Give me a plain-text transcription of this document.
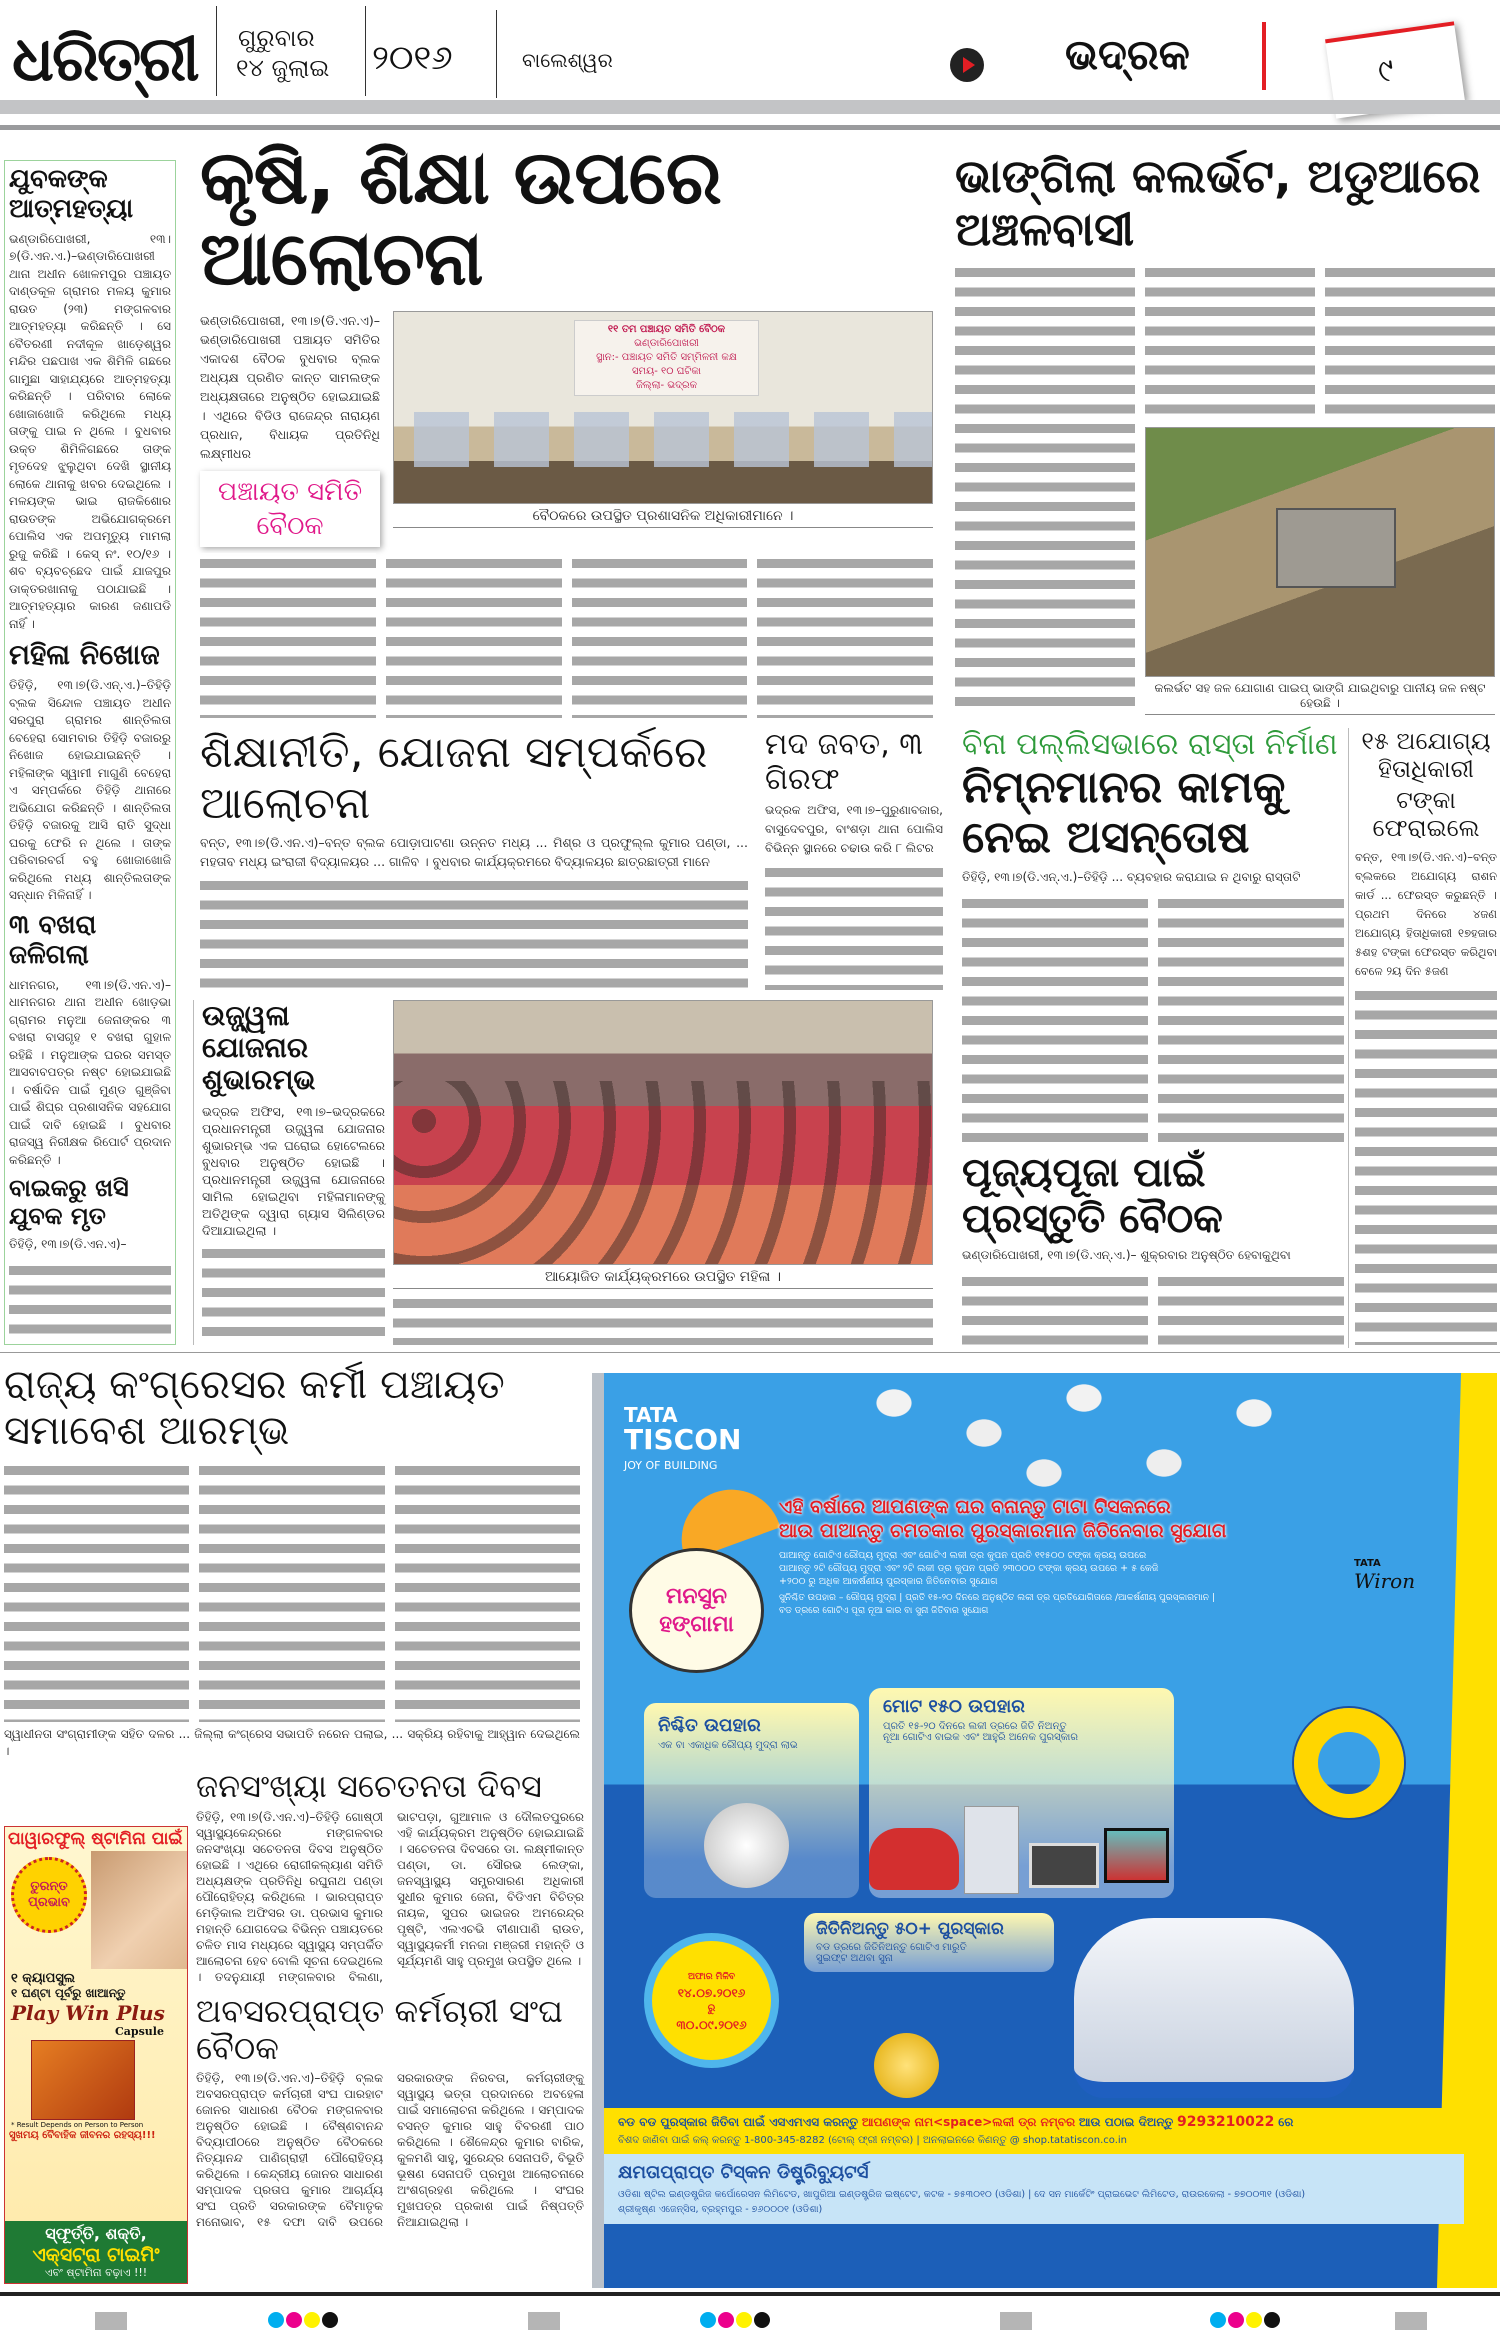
ଧରିତ୍ରୀ ଗୁରୁବାର
୧୪ ଜୁଲାଇ ୨୦୧୬	ବାଲେଶ୍ୱର	ଭଦ୍ରକ	୯
ଯୁବକଙ୍କ ଆତ୍ମହତ୍ୟା
ଭଣ୍ଡାରିପୋଖରୀ, ୧୩।୭(ଡି.ଏନ.ଏ.)–ଭଣ୍ଡାରିପୋଖରୀ ଥାନା ଅଧୀନ ଖୋଳମପୁର ପଞ୍ଚାୟତ ଦାଣ୍ଡକୂଳ ଗ୍ରାମର ମଳୟ କୁମାର ରାଉତ (୨୩) ମଙ୍ଗଳବାର ଆତ୍ମହତ୍ୟା କରିଛନ୍ତି । ସେ ବୈତରଣୀ ନଦୀକୂଳ ଖାଡ଼େଶ୍ୱର ମନ୍ଦିର ପଛପାଖ ଏକ ଶିମିଳି ଗଛରେ ଗାମୁଛା ସାହାଯ୍ୟରେ ଆତ୍ମହତ୍ୟା କରିଛନ୍ତି । ପରିବାର ଲୋକେ ଖୋଜାଖୋଜି କରିଥିଲେ ମଧ୍ୟ ତାଙ୍କୁ ପାଇ ନ ଥିଲେ । ବୁଧବାର ଉକ୍ତ ଶିମିଳିଗଛରେ ତାଙ୍କ ମୃତଦେହ ଝୁଲୁଥିବା ଦେଖି ସ୍ଥାନୀୟ ଲୋକେ ଥାନାକୁ ଖବର ଦେଇଥିଲେ । ମଳୟଙ୍କ ଭାଇ ରାଜକିଶୋର ରାଉତଙ୍କ ଅଭିଯୋଗକ୍ରମେ ପୋଲିସ ଏକ ଅପମୃତ୍ୟୁ ମାମଲା ରୁଜୁ କରିଛି । କେସ୍ ନଂ. ୧୦/୧୬ । ଶବ ବ୍ୟବଚ୍ଛେଦ ପାଇଁ ଯାଜପୁର ଡାକ୍ତରଖାନାକୁ ପଠାଯାଇଛି । ଆତ୍ମହତ୍ୟାର କାରଣ ଜଣାପଡି ନାହିଁ ।
ମହିଳା ନିଖୋଜ
ତିହିଡ଼ି, ୧୩।୭(ଡି.ଏନ୍.ଏ.)–ତିହିଡ଼ି ବ୍ଲକ ସିନ୍ଦୋଳ ପଞ୍ଚାୟତ ଅଧୀନ ସରପୁରା ଗ୍ରାମର ଶାନ୍ତିଲତା ବେହେରା ସୋମବାର ତିହିଡ଼ି ବଜାରରୁ ନିଖୋଜ ହୋଇଯାଇଛନ୍ତି । ମହିଳାଙ୍କ ସ୍ୱାମୀ ମାଗୁଣି ବେହେରା ଏ ସମ୍ପର୍କରେ ତିହିଡ଼ି ଥାନାରେ ଅଭିଯୋଗ କରିଛନ୍ତି । ଶାନ୍ତିଲତା ତିହିଡ଼ି ବଜାରକୁ ଆସି ରାତି ସୁଦ୍ଧା ଘରକୁ ଫେରି ନ ଥିଲେ । ତାଙ୍କ ପରିବାରବର୍ଗ ବହୁ ଖୋଜାଖୋଜି କରିଥିଲେ ମଧ୍ୟ ଶାନ୍ତିଲତାଙ୍କ ସନ୍ଧାନ ମିଳିନାହିଁ ।
୩ ବଖରା ଜଳିଗଲା
ଧାମନଗର, ୧୩।୭(ଡି.ଏନ.ଏ)– ଧାମନଗର ଥାନା ଅଧୀନ ଖୋଡ଼ଭା ଗ୍ରାମର ମନୁଆ ଜେନାଙ୍କର ୩ ବଖରା ବାସଗୃହ ୧ ବଖରା ଗୁହାଳ ରହିଛି । ମନୁଆଙ୍କ ଘରର ସମସ୍ତ ଆସବାବପତ୍ର ନଷ୍ଟ ହୋଇଯାଇଛି । ବର୍ଷାଦିନ ପାଇଁ ମୁଣ୍ଡ ଗୁଞ୍ଜିବା ପାଇଁ ଶିଘ୍ର ପ୍ରଶାସନିକ ସହଯୋଗ ପାଇଁ ଦାବି ହୋଇଛି । ବୁଧବାର ରାଜସ୍ୱ ନିରୀକ୍ଷକ ରିପୋର୍ଟ ପ୍ରଦାନ କରିଛନ୍ତି ।
ବାଇକରୁ ଖସି ଯୁବକ ମୃତ
ତିହିଡ଼ି, ୧୩।୭(ଡି.ଏନ.ଏ)–
କୃଷି, ଶିକ୍ଷା ଉପରେ ଆଲୋଚନା
ଭଣ୍ଡାରିପୋଖରୀ, ୧୩।୭(ଡି.ଏନ.ଏ)–ଭଣ୍ଡାରିପୋଖରୀ ପଞ୍ଚାୟତ ସମିତିର ଏକାଦଶ ବୈଠକ ବୁଧବାର ବ୍ଲକ ଅଧ୍ୟକ୍ଷ ପ୍ରଣିତ କାନ୍ତ ସାମଲଙ୍କ ଅଧ୍ୟକ୍ଷତାରେ ଅନୁଷ୍ଠିତ ହୋଇଯାଇଛି । ଏଥିରେ ବିଡିଓ ରାଜେନ୍ଦ୍ର ନାରାୟଣ ପ୍ରଧାନ, ବିଧାୟକ ପ୍ରତିନିଧି ଲକ୍ଷ୍ମୀଧର
ପଞ୍ଚାୟତ ସମିତି ବୈଠକ
୧୧ ତମ ପଞ୍ଚାୟତ ସମିତି ବୈଠକ
ଭଣ୍ଡାରିପୋଖରୀ
ସ୍ଥାନ:- ପଞ୍ଚାୟତ ସମିତି ସମ୍ମିଳନୀ କକ୍ଷ
ସମୟ- ୧୦ ଘଟିକା
ଜିଲ୍ଲା- ଭଦ୍ରକ
ବୈଠକରେ ଉପସ୍ଥିତ ପ୍ରଶାସନିକ ଅଧିକାରୀମାନେ ।
ଭାଙ୍ଗିଲା କଲର୍ଭଟ, ଅଡୁଆରେ ଅଞ୍ଚଳବାସୀ
କଲର୍ଭଟ ସହ ଜଳ ଯୋଗାଣ ପାଇପ୍ ଭାଙ୍ଗି ଯାଇଥିବାରୁ ପାନୀୟ ଜଳ ନଷ୍ଟ ହେଉଛି ।
ଶିକ୍ଷାନୀତି, ଯୋଜନା ସମ୍ପର୍କରେ ଆଲୋଚନା
ବନ୍ତ, ୧୩।୭(ଡି.ଏନ.ଏ)–ବନ୍ତ ବ୍ଲକ ପୋଡ଼ାପାଟଣା ଉନ୍ନତ ମଧ୍ୟ ... ମିଶ୍ର ଓ ପ୍ରଫୁଲ୍ଲ କୁମାର ପଣ୍ଡା, ... ମହତାବ ମଧ୍ୟ ଇଂରାଜୀ ବିଦ୍ୟାଳୟର ... ଗାଳିବ । ବୁଧବାର କାର୍ଯ୍ୟକ୍ରମରେ ବିଦ୍ୟାଳୟର ଛାତ୍ରଛାତ୍ରୀ ମାନେ
ମଦ ଜବତ, ୩ ଗିରଫ
ଭଦ୍ରକ ଅଫିସ, ୧୩।୭–ପୁରୁଣାବଜାର, ବାସୁଦେବପୁର, ବାଂଶଡ଼ା ଥାନା ପୋଲିସ ବିଭିନ୍ନ ସ୍ଥାନରେ ଚଢାଉ କରି ୮ ଲିଟର
ବିନା ପଲ୍ଲିସଭାରେ ରାସ୍ତା ନିର୍ମାଣ
ନିମ୍ନମାନର କାମକୁ ନେଇ ଅସନ୍ତୋଷ
ତିହିଡ଼ି, ୧୩।୭(ଡି.ଏନ୍.ଏ.)–ତିହିଡ଼ି ... ବ୍ୟବହାର କରାଯାଇ ନ ଥିବାରୁ ରାସ୍ତାଟି
୧୫ ଅଯୋଗ୍ୟ ହିତାଧିକାରୀ
ଟଙ୍କା ଫେରାଇଲେ
ବନ୍ତ, ୧୩।୭(ଡି.ଏନ.ଏ)–ବନ୍ତ ବ୍ଲକରେ ଅଯୋଗ୍ୟ ରାଶନ କାର୍ଡ ... ଫେରସ୍ତ କରୁଛନ୍ତି । ପ୍ରଥମ ଦିନରେ ୪ଜଣ ଅଯୋଗ୍ୟ ହିତାଧିକାରୀ ୧୭ହଜାର ୫ଶହ ଟଙ୍କା ଫେରସ୍ତ କରିଥିବା ବେଳେ ୨ୟ ଦିନ ୫ଜଣ
ଉଜ୍ଜ୍ୱଳା ଯୋଜନାର ଶୁଭାରମ୍ଭ
ଭଦ୍ରକ ଅଫିସ, ୧୩।୭–ଭଦ୍ରକରେ ପ୍ରଧାନମନ୍ତ୍ରୀ ଉଜ୍ଜ୍ୱଳା ଯୋଜନାର ଶୁଭାରମ୍ଭ ଏକ ଘରୋଇ ହୋଟେଲରେ ବୁଧବାର ଅନୁଷ୍ଠିତ ହୋଇଛି । ପ୍ରଧାନମନ୍ତ୍ରୀ ଉଜ୍ଜ୍ୱଳା ଯୋଜନାରେ ସାମିଲ ହୋଇଥିବା ମହିଳାମାନଙ୍କୁ ଅତିଥିଙ୍କ ଦ୍ୱାରା ଗ୍ୟାସ ସିଲିଣ୍ଡର ଦିଆଯାଇଥିଲା ।
ଆୟୋଜିତ କାର୍ଯ୍ୟକ୍ରମରେ ଉପସ୍ଥିତ ମହିଳା ।
ପୂଜ୍ୟପୂଜା ପାଇଁ ପ୍ରସ୍ତୁତି ବୈଠକ
ଭଣ୍ଡାରିପୋଖରୀ, ୧୩।୭(ଡି.ଏନ୍.ଏ.)– ଶୁକ୍ରବାର ଅନୁଷ୍ଠିତ ହେବାକୁଥିବା
ରାଜ୍ୟ କଂଗ୍ରେସର କର୍ମୀ ପଞ୍ଚାୟତ ସମାବେଶ ଆରମ୍ଭ
ସ୍ୱାଧୀନତା ସଂଗ୍ରାମୀଙ୍କ ସହିତ ଦଳର ... ଜିଲ୍ଲା କଂଗ୍ରେସ ସଭାପତି ନରେନ ପଲାଇ, ... ସକ୍ରିୟ ରହିବାକୁ ଆହ୍ୱାନ ଦେଇଥିଲେ ।
ପାୱାରଫୁଲ୍ ଷ୍ଟାମିନା ପାଇଁ
ତୁରନ୍ତ ପ୍ରଭାବ
୧ କ୍ୟାପସୁଲ
୧ ଘଣ୍ଟା ପୂର୍ବରୁ ଖାଆନ୍ତୁ
Play Win Plus
Capsule
* Result Depends on Person to Person
ସୁଖମୟ ବୈବାହିକ ଜୀବନର ରହସ୍ୟ!!!
ସ୍ଫୂର୍ତ୍ତି, ଶକ୍ତି,
ଏକ୍ସଟ୍ରା ଟାଇମିଂ
ଏବଂ ଷ୍ଟାମିନା ବଢ଼ାଏ !!!
ଜନସଂଖ୍ୟା ସଚେତନତା ଦିବସ
ତିହିଡ଼ି, ୧୩।୭(ଡି.ଏନ.ଏ)–ତିହିଡ଼ି ଗୋଷ୍ଠୀ ସ୍ୱାସ୍ଥ୍ୟକେନ୍ଦ୍ରରେ ମଙ୍ଗଳବାର ଜନସଂଖ୍ୟା ସଚେତନତା ଦିବସ ଅନୁଷ୍ଠିତ ହୋଇଛି । ଏଥିରେ ରୋଗୀକଲ୍ୟାଣ ସମିତି ଅଧ୍ୟକ୍ଷଙ୍କ ପ୍ରତିନିଧି ରଘୁନାଥ ପଣ୍ଡା ପୌରୋହିତ୍ୟ କରିଥିଲେ । ଭାରପ୍ରାପ୍ତ ମେଡ଼ିକାଲ ଅଫିସର ଡା. ପ୍ରଭାସ କୁମାର ମହାନ୍ତି ଯୋଗଦେଇ ବିଭିନ୍ନ ପଞ୍ଚାୟତରେ ଚଳିତ ମାସ ମଧ୍ୟରେ ସ୍ୱାସ୍ଥ୍ୟ ସମ୍ପର୍କିତ ଆଲୋଚନା ହେବ ବୋଲି ସୂଚନା ଦେଇଥିଲେ । ତଦନୁଯାୟୀ ମଙ୍ଗଳବାର ବିଲଣା, ଭାଟପଡ଼ା, ଗୁଆମାଳ ଓ ଦୌଲତପୁରରେ ଏହି କାର୍ଯ୍ୟକ୍ରମ ଅନୁଷ୍ଠିତ ହୋଇଯାଇଛି । ସଚେତନତା ଦିବସରେ ଡା. ଲକ୍ଷ୍ମୀକାନ୍ତ ପଣ୍ଡା, ଡା. ସୌରଭ ଲେଙ୍କା, ଜନସ୍ୱାସ୍ଥ୍ୟ ସମ୍ପ୍ରସାରଣ ଅଧିକାରୀ ସୁଧୀର କୁମାର ଜେନା, ବିଡିଏମ ବିଚିତ୍ର ନାୟକ, ସୁପର ଭାଇଜର ଅମରେନ୍ଦ୍ର ପୃଷ୍ଟି, ଏଲଏଚଭି ବୀଣାପାଣି ରାଉତ, ସ୍ୱାସ୍ଥ୍ୟକର୍ମୀ ମନଜା ମଞ୍ଜରୀ ମହାନ୍ତି ଓ ସୂର୍ଯ୍ୟମଣି ସାହୁ ପ୍ରମୁଖ ଉପସ୍ଥିତ ଥିଲେ ।
ଅବସରପ୍ରାପ୍ତ କର୍ମଚାରୀ ସଂଘ ବୈଠକ
ତିହିଡ଼ି, ୧୩।୭(ଡି.ଏନ.ଏ)–ତିହିଡ଼ି ବ୍ଲକ ଅବସରପ୍ରାପ୍ତ କର୍ମଚାରୀ ସଂଘ ପାରହାଟ ଜୋନର ସାଧାରଣ ବୈଠକ ମଙ୍ଗଳବାର ଅନୁଷ୍ଠିତ ହୋଇଛି । ବୈଷ୍ଣବାନନ୍ଦ ବିଦ୍ୟାପୀଠରେ ଅନୁଷ୍ଠିତ ବୈଠକରେ ନିତ୍ୟାନନ୍ଦ ପାଣିଗ୍ରାହୀ ପୌରୋହିତ୍ୟ କରିଥିଲେ । କେନ୍ଦ୍ରୀୟ ଜୋନର ସାଧାରଣ ସମ୍ପାଦକ ପ୍ରତାପ କୁମାର ଆଚାର୍ଯ୍ୟ ସଂଘ ପ୍ରତି ସରକାରଙ୍କ ବୈମାତୃକ ମନୋଭାବ, ୧୫ ଦଫା ଦାବି ଉପରେ ସରକାରଙ୍କ ନିରବତା, କର୍ମଚାରୀଙ୍କୁ ସ୍ୱାସ୍ଥ୍ୟ ଭତ୍ତା ପ୍ରଦାନରେ ଅବହେଳା ପାଇଁ ସମାଲୋଚନା କରିଥିଲେ । ସମ୍ପାଦକ ବସନ୍ତ କୁମାର ସାହୁ ବିବରଣୀ ପାଠ କରିଥିଲେ । ଶୈଳେନ୍ଦ୍ର କୁମାର ବାରିକ, କୁଳମଣି ସାହୁ, ସୁରେନ୍ଦ୍ର ସେନାପତି, ବିଭୂତି ଭୂଷଣ ସେନାପତି ପ୍ରମୁଖ ଆଲୋଚନାରେ ଅଂଶଗ୍ରହଣ କରିଥିଲେ । ସଂଘର ମୁଖପତ୍ର ପ୍ରକାଶ ପାଇଁ ନିଷ୍ପତ୍ତି ନିଆଯାଇଥିଲା ।
TATA
TISCON
JOY OF BUILDING
ମନସୁନ ହଙ୍ଗାମା
ଏହି ବର୍ଷାରେ ଆପଣଙ୍କ ଘର ବନାନ୍ତୁ ଟାଟା ଟିସକନରେ
ଆଉ ପାଆନ୍ତୁ ଚମତକାର ପୁରସ୍କାରମାନ ଜିତିନେବାର ସୁଯୋଗ
ପାଆନ୍ତୁ ଗୋଟିଏ ରୌପ୍ୟ ମୁଦ୍ରା ଏବଂ ଗୋଟିଏ ଲକୀ ଡ୍ର କୁପନ ପ୍ରତି ୧୧୫୦୦ ଟଙ୍କା କ୍ରୟ ଉପରେ
ପାଆନ୍ତୁ ୨ଟି ରୌପ୍ୟ ମୁଦ୍ରା ଏବଂ ୨ଟି ଲକୀ ଡ୍ର କୁପନ ପ୍ରତି ୨୩୦୦୦ ଟଙ୍କା କ୍ରୟ ଉପରେ + ୫ କେଜି
+୨୦୦ ରୁ ଅଧିକ ଆକର୍ଷଣୀୟ ପୁରସ୍କାର ଜିତିନେବାର ସୁଯୋଗ
ସୁନିଶ୍ଚିତ ଉପହାର – ରୌପ୍ୟ ମୁଦ୍ରା | ପ୍ରତି ୧୫-୨୦ ଦିନରେ ଅନୁଷ୍ଠିତ ଲକୀ ଡ୍ର ପ୍ରତିଯୋଗିତାରେ /ଆକର୍ଷଣୀୟ ପୁରସ୍କାରମାନ |
ବଡ ଡ୍ରରେ ଗୋଟିଏ ପୂରା ନୂଆ କାର ବା ସୁନା ଜିତିବାର ସୁଯୋଗ
TATA
Wiron
ନିଶ୍ଚିତ ଉପହାର
ଏକ ବା ଏକାଧିକ ରୌପ୍ୟ ମୁଦ୍ରା ଲାଭ
ମୋଟ ୧୫୦ ଉପହାର
ପ୍ରତି ୧୫-୨୦ ଦିନରେ ଲକୀ ଡ୍ରରେ ଜିତି ନିଅନ୍ତୁ
ନୂଆ ଗୋଟିଏ ବାଇକ ଏବଂ ଆହୁରି ଅନେକ ପୁରସ୍କାର
ଅଫାର ମିଳିବ
୧୪.୦୭.୨୦୧୬
ରୁ
୩୦.୦୯.୨୦୧୬
ଜିତିନିଅନ୍ତୁ ୫୦+ ପୁରସ୍କାର
ବଡ ଡ୍ରରେ ଜିତିନିଅନ୍ତୁ ଗୋଟିଏ ମାରୁତି
ସୁଇଫ୍ଟ ଅଥବା ସୁନା
ବଡ ବଡ ପୁରସ୍କାର ଜିତିବା ପାଇଁ ଏସଏମଏସ କରନ୍ତୁ ଆପଣଙ୍କ ନାମ<space>ଲକୀ ଡ୍ର ନମ୍ବର ଆଉ ପଠାଇ ଦିଅନ୍ତୁ 9293210022 ରେ
ବିଶଦ ଜାଣିବା ପାଇଁ କଲ୍ କରନ୍ତୁ 1-800-345-8282 (ଟୋଲ୍ ଫ୍ରୀ ନମ୍ବର) | ଅନଲାଇନରେ କିଣନ୍ତୁ @ shop.tatatiscon.co.in
କ୍ଷମତାପ୍ରାପ୍ତ ଟିସ୍କନ ଡିଷ୍ଟ୍ରିବ୍ୟୁଟର୍ସ
ଓଡିଶା ଷ୍ଟିଲ ଇଣ୍ଡଷ୍ଟ୍ରିଜ କର୍ପୋରେସନ ଲିମିଟେଡ, ଖାପୁରିଆ ଇଣ୍ଡଷ୍ଟ୍ରିଜ ଇଷ୍ଟେଟ, କଟକ - ୭୫୩୦୧୦ (ଓଡିଶା) | ଦେ ସନ ମାର୍କେଟିଂ ପ୍ରାଇଭେଟ ଲିମିଟେଡ, ରାଉରକେଲା - ୭୭୦୦୩୧ (ଓଡିଶା)
ଶ୍ରୀକୃଷ୍ଣ ଏଜେନ୍ସିସ, ବ୍ରହ୍ମପୁର - ୭୬୦୦୦୧ (ଓଡିଶା)
